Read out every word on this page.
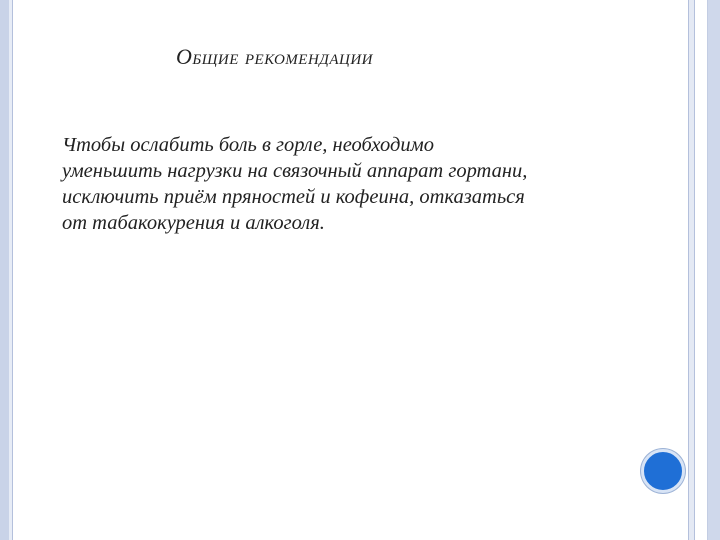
Общие рекомендации
Чтобы ослабить боль в горле, необходимо
уменьшить нагрузки на связочный аппарат гортани,
исключить приём пряностей и кофеина, отказаться
от табакокурения и алкоголя.
